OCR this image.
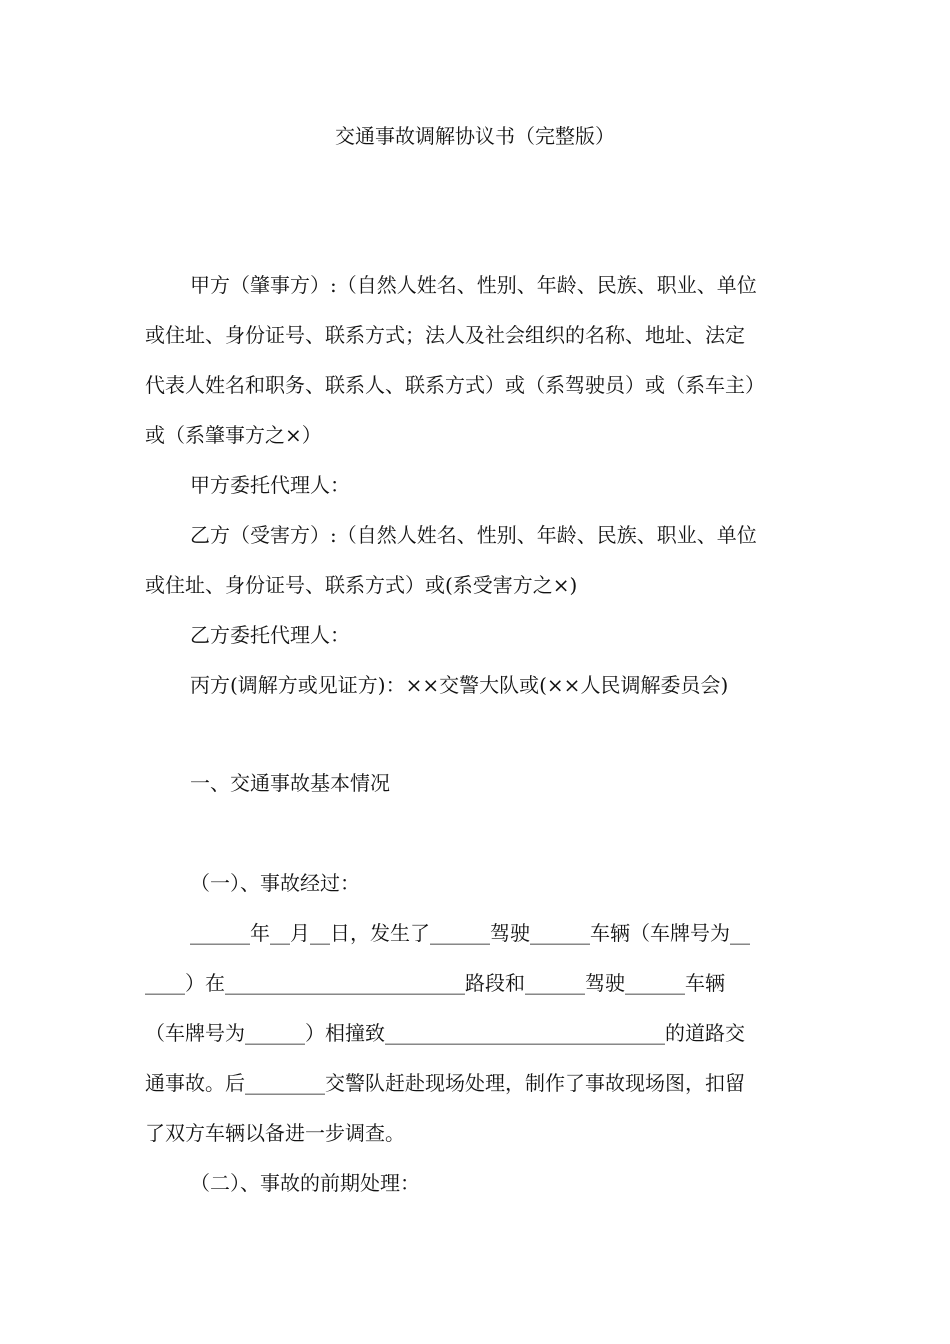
交通事故调解协议书（完整版）
甲方（肇事方）:（自然人姓名、性别、年龄、民族、职业、单位
或住址、身份证号、联系方式；法人及社会组织的名称、地址、法定
代表人姓名和职务、联系人、联系方式）或（系驾驶员）或（系车主）
或（系肇事方之×）
甲方委托代理人：
乙方（受害方）:（自然人姓名、性别、年龄、民族、职业、单位
或住址、身份证号、联系方式）或(系受害方之×)
乙方委托代理人：
丙方(调解方或见证方)：××交警大队或(××人民调解委员会)
一、交通事故基本情况
（一）、事故经过：
______年__月__日，发生了______驾驶______车辆（车牌号为__
____）在________________________路段和______驾驶______车辆
（车牌号为______）相撞致____________________________的道路交
通事故。后________交警队赶赴现场处理，制作了事故现场图，扣留
了双方车辆以备进一步调查。
（二）、事故的前期处理：
